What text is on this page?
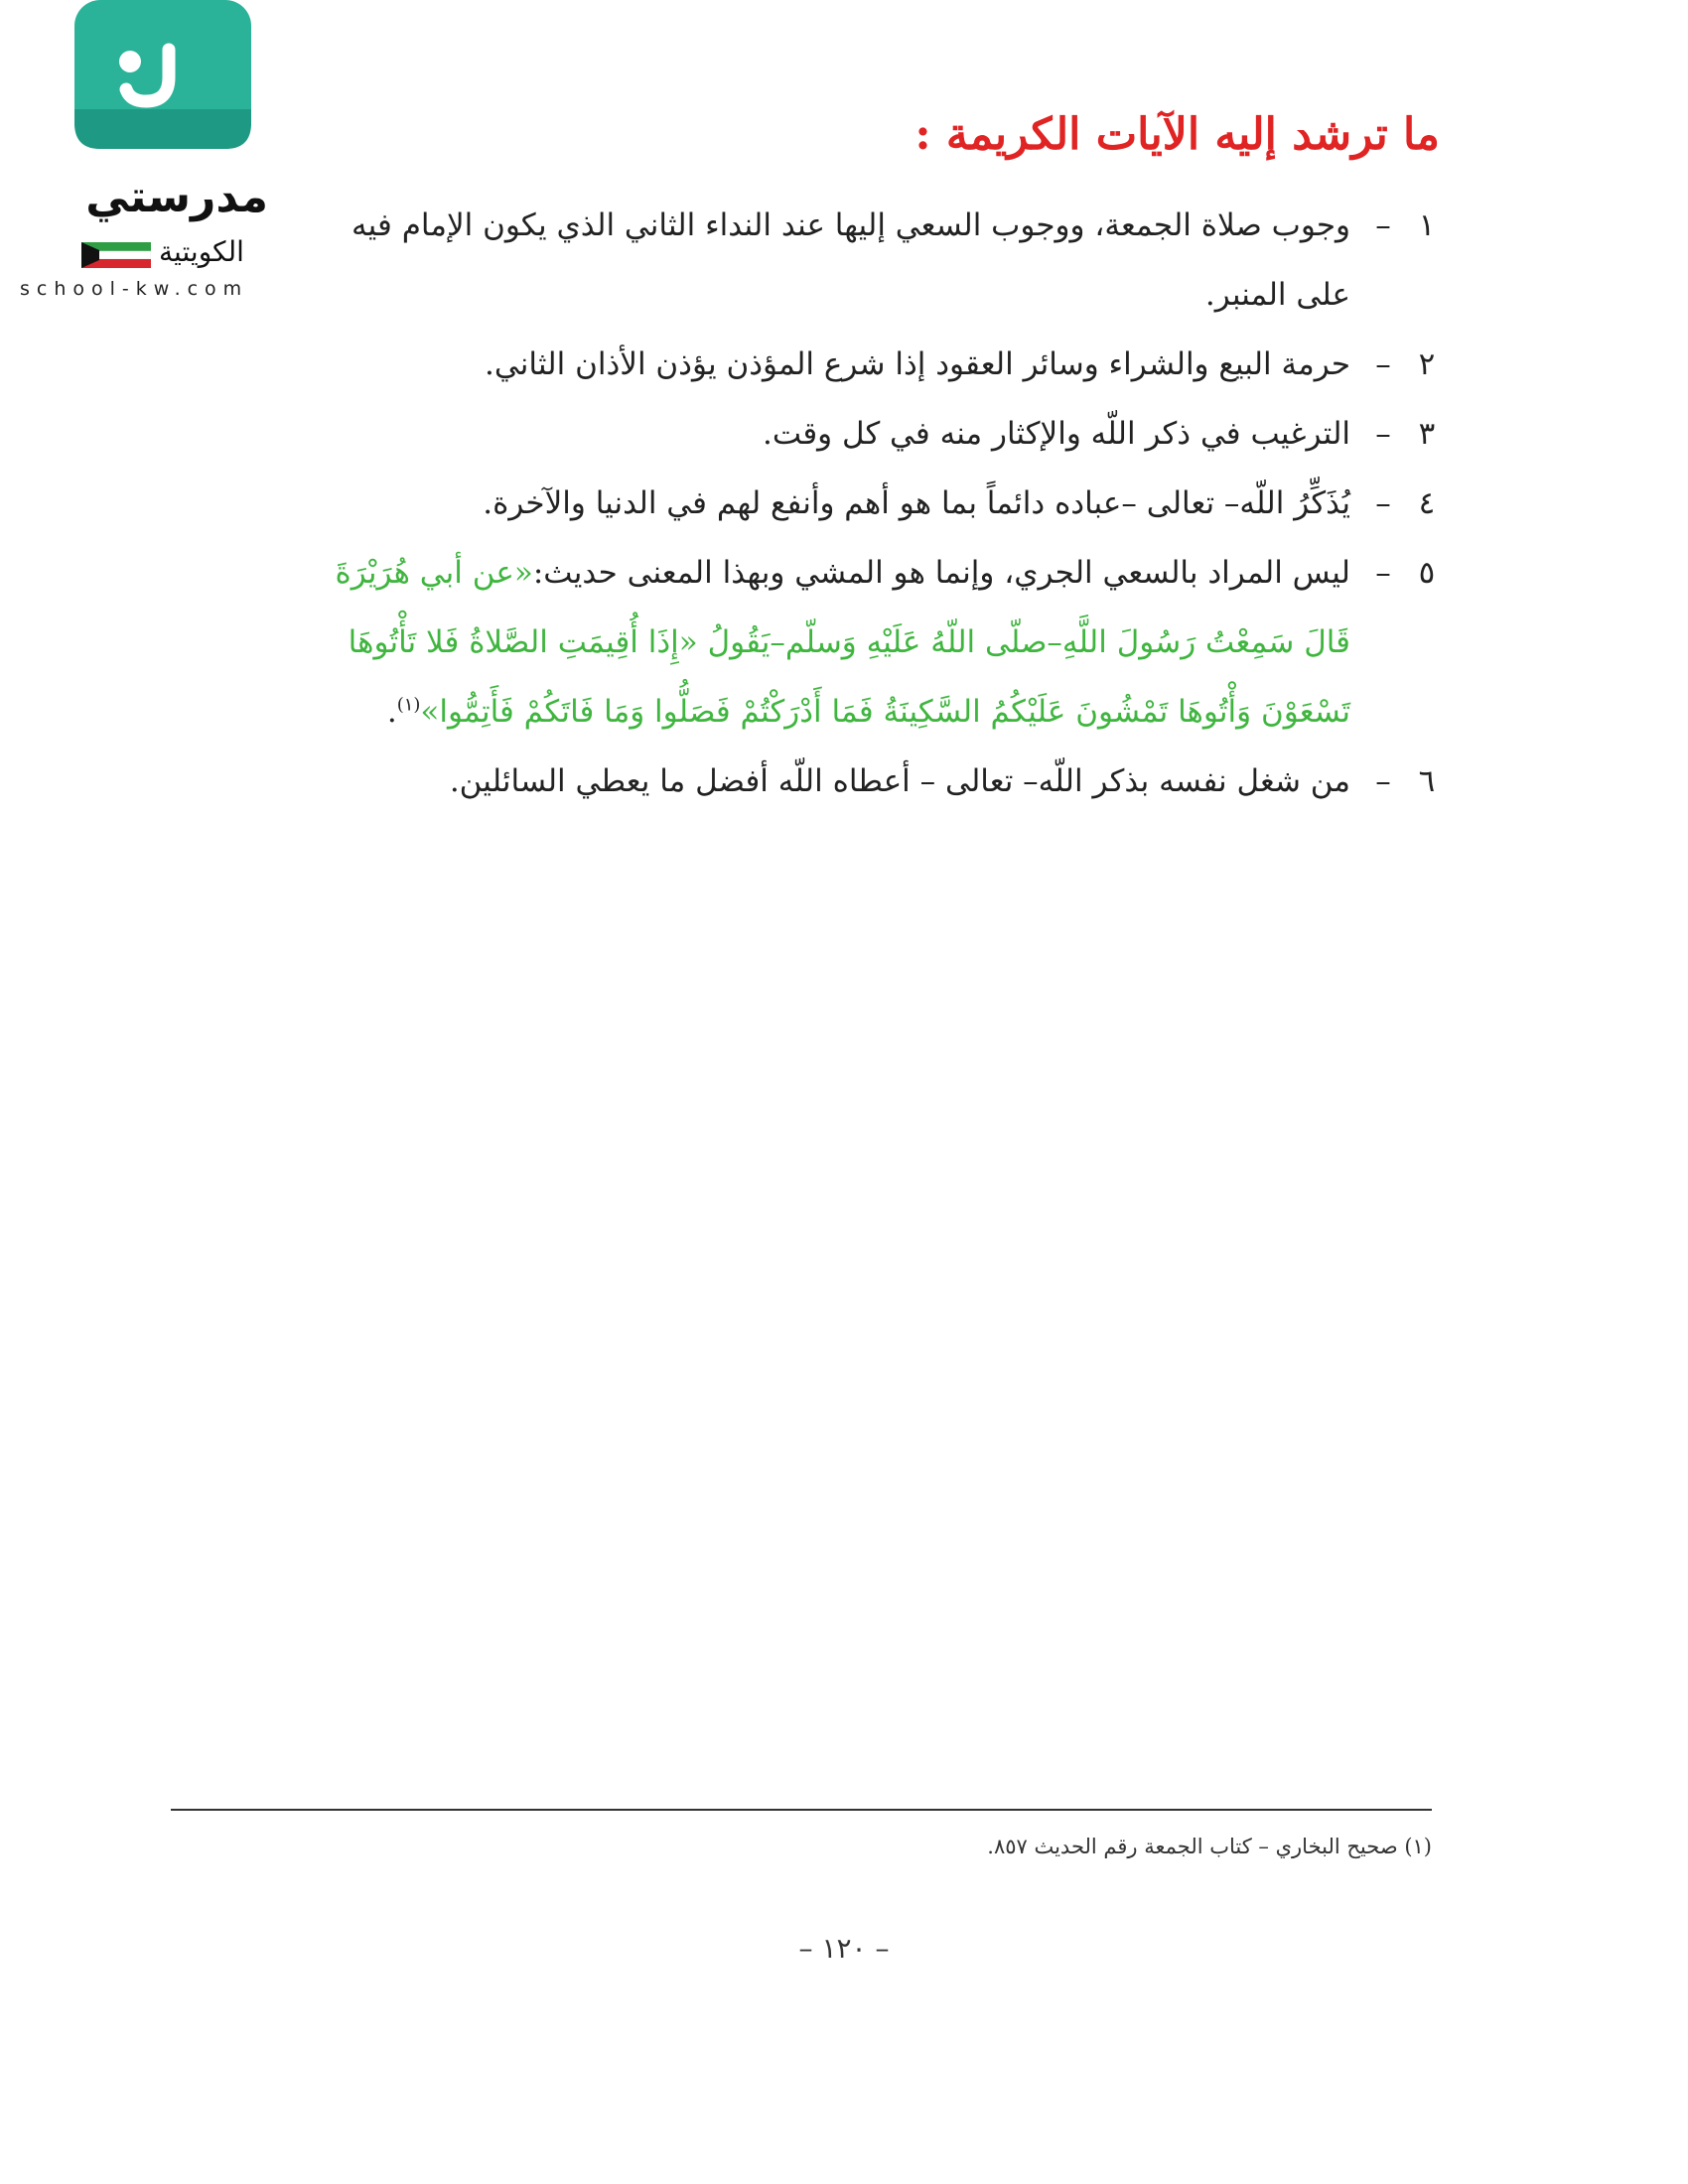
مدرستي
الكويتية
school-kw.com
ما ترشد إليه الآيات الكريمة :
١
–
وجوب صلاة الجمعة، ووجوب السعي إليها عند النداء الثاني الذي يكون الإمام فيه على المنبر.
٢
–
حرمة البيع والشراء وسائر العقود إذا شرع المؤذن يؤذن الأذان الثاني.
٣
–
الترغيب في ذكر اللّه والإكثار منه في كل وقت.
٤
–
يُذَكِّرُ اللّه– تعالى –عباده دائماً بما هو أهم وأنفع لهم في الدنيا والآخرة.
٥
–
ليس المراد بالسعي الجري، وإنما هو المشي وبهذا المعنى حديث:«عن أبي هُرَيْرَةَ قَالَ سَمِعْتُ رَسُولَ اللَّهِ–صلّى اللّهُ عَلَيْهِ وَسلّم–يَقُولُ «إِذَا أُقِيمَتِ الصَّلاةُ فَلا تَأْتُوهَا تَسْعَوْنَ وَأْتُوهَا تَمْشُونَ عَلَيْكُمُ السَّكِينَةُ فَمَا أَدْرَكْتُمْ فَصَلُّوا وَمَا فَاتَكُمْ فَأَتِمُّوا»$^{(١)}$.
٦
–
من شغل نفسه بذكر اللّه– تعالى – أعطاه اللّه أفضل ما يعطي السائلين.
(١) صحيح البخاري – كتاب الجمعة رقم الحديث ٨٥٧.
– ١٢٠ –
